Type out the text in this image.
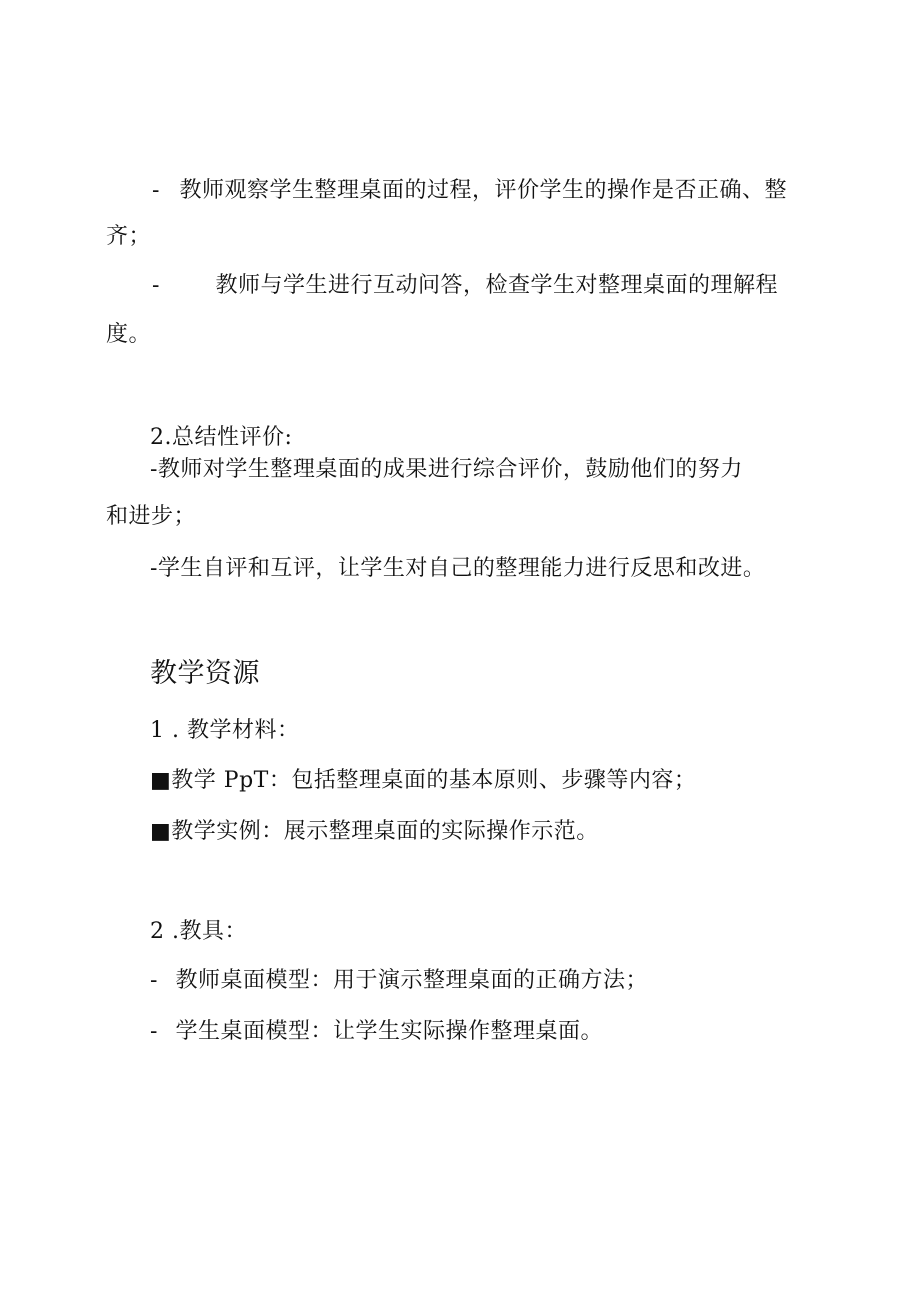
- 教师观察学生整理桌面的过程，评价学生的操作是否正确、整
齐；
-	教师与学生进行互动问答，检查学生对整理桌面的理解程
度。
2.总结性评价:
-教师对学生整理桌面的成果进行综合评价，鼓励他们的努力
和进步；
-学生自评和互评，让学生对自己的整理能力进行反思和改进。
教学资源
1 . 教学材料：
■教学 PpT：包括整理桌面的基本原则、步骤等内容；
■教学实例：展示整理桌面的实际操作示范。
2 .教具：
- 教师桌面模型：用于演示整理桌面的正确方法；
- 学生桌面模型：让学生实际操作整理桌面。
